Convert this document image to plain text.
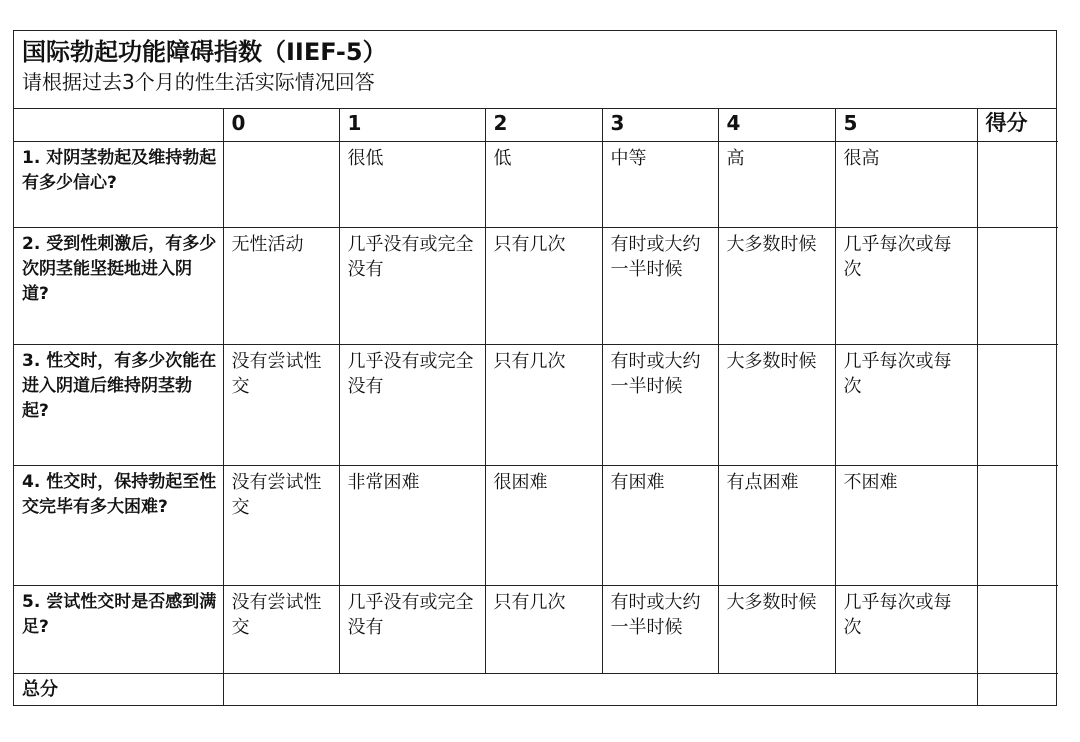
国际勃起功能障碍指数（IIEF-5）
请根据过去3个月的性生活实际情况回答
	0	1	2	3	4	5	得分
1. 对阴茎勃起及维持勃起有多少信心?		很低	低	中等	高	很高	
2. 受到性刺激后，有多少次阴茎能坚挺地进入阴道?	无性活动	几乎没有或完全没有	只有几次	有时或大约一半时候	大多数时候	几乎每次或每次	
3. 性交时，有多少次能在进入阴道后维持阴茎勃起?	没有尝试性交	几乎没有或完全没有	只有几次	有时或大约一半时候	大多数时候	几乎每次或每次	
4. 性交时，保持勃起至性交完毕有多大困难?	没有尝试性交	非常困难	很困难	有困难	有点困难	不困难	
5. 尝试性交时是否感到满足?	没有尝试性交	几乎没有或完全没有	只有几次	有时或大约一半时候	大多数时候	几乎每次或每次	
总分							
